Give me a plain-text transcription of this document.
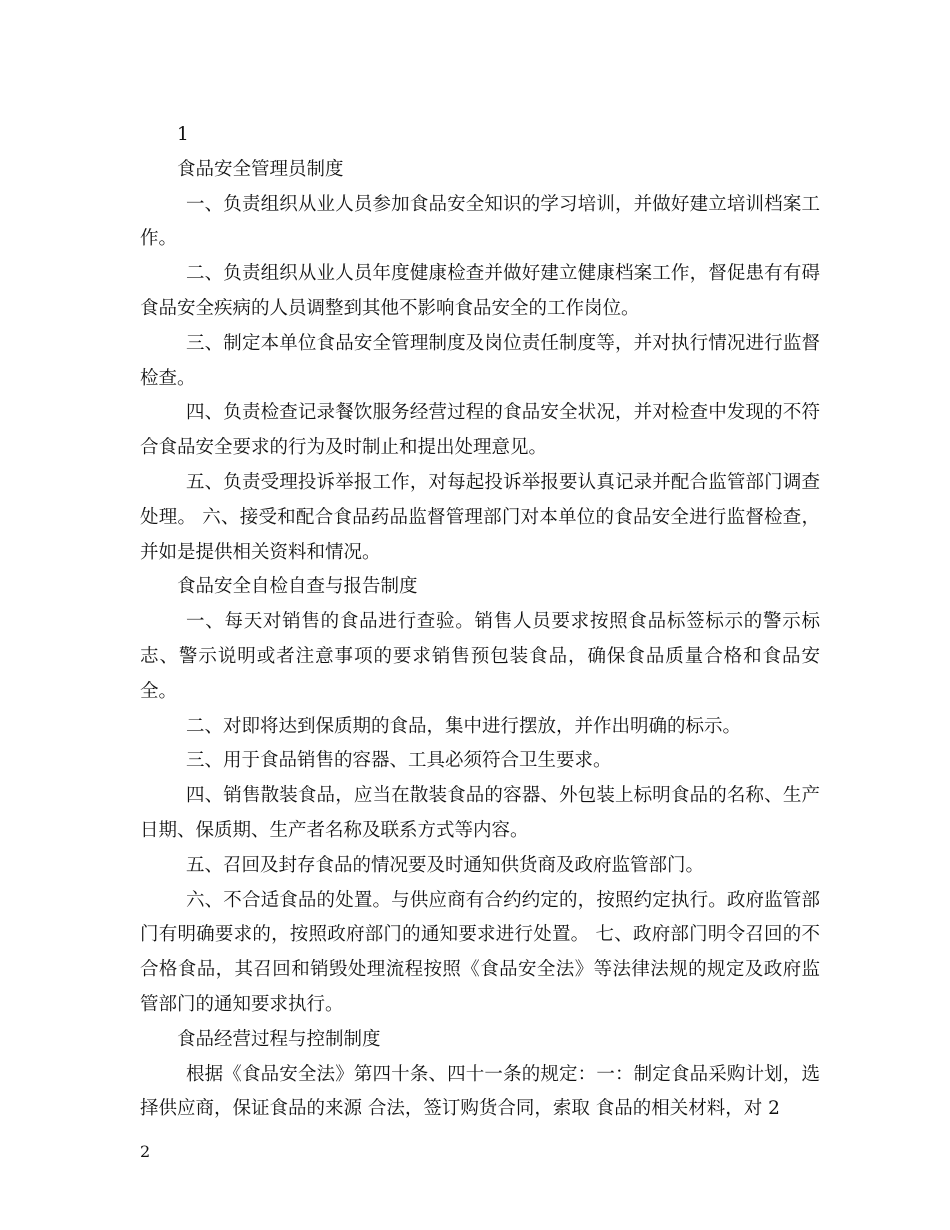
1

食品安全管理员制度

一、负责组织从业人员参加食品安全知识的学习培训，并做好建立培训档案工作。

二、负责组织从业人员年度健康检查并做好建立健康档案工作，督促患有有碍食品安全疾病的人员调整到其他不影响食品安全的工作岗位。

三、制定本单位食品安全管理制度及岗位责任制度等，并对执行情况进行监督检查。

四、负责检查记录餐饮服务经营过程的食品安全状况，并对检查中发现的不符合食品安全要求的行为及时制止和提出处理意见。

五、负责受理投诉举报工作，对每起投诉举报要认真记录并配合监管部门调查处理。 六、接受和配合食品药品监督管理部门对本单位的食品安全进行监督检查，并如是提供相关资料和情况。

食品安全自检自查与报告制度

一、每天对销售的食品进行查验。销售人员要求按照食品标签标示的警示标志、警示说明或者注意事项的要求销售预包装食品，确保食品质量合格和食品安全。

二、对即将达到保质期的食品，集中进行摆放，并作出明确的标示。

三、用于食品销售的容器、工具必须符合卫生要求。

四、销售散装食品，应当在散装食品的容器、外包装上标明食品的名称、生产日期、保质期、生产者名称及联系方式等内容。

五、召回及封存食品的情况要及时通知供货商及政府监管部门。

六、不合适食品的处置。与供应商有合约约定的，按照约定执行。政府监管部门有明确要求的，按照政府部门的通知要求进行处置。 七、政府部门明令召回的不合格食品，其召回和销毁处理流程按照《食品安全法》等法律法规的规定及政府监管部门的通知要求执行。

食品经营过程与控制制度

根据《食品安全法》第四十条、四十一条的规定：一：制定食品采购计划，选择供应商，保证食品的来源 合法，签订购货合同，索取 食品的相关材料，对 2

2
